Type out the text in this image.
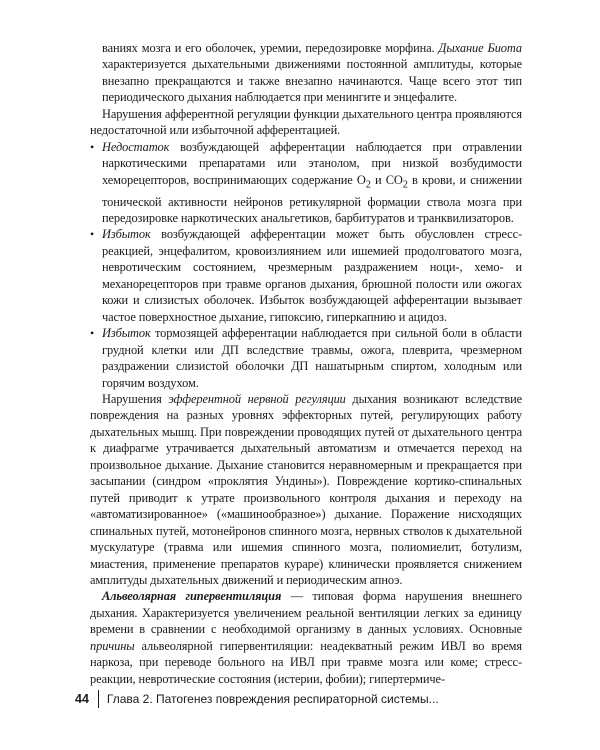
ваниях мозга и его оболочек, уремии, передозировке морфина. Дыхание Биота характеризуется дыхательными движениями постоянной амплитуды, которые внезапно прекращаются и также внезапно начинаются. Чаще всего этот тип периодического дыхания наблюдается при менингите и энцефалите.

Нарушения афферентной регуляции функции дыхательного центра проявляются недостаточной или избыточной афферентацией.

• Недостаток возбуждающей афферентации наблюдается при отравлении наркотическими препаратами или этанолом, при низкой возбудимости хеморецепторов, воспринимающих содержание $O_2$ и $CO_2$ в крови, и снижении тонической активности нейронов ретикулярной формации ствола мозга при передозировке наркотических анальгетиков, барбитуратов и транквилизаторов.
• Избыток возбуждающей афферентации может быть обусловлен стресс-реакцией, энцефалитом, кровоизлиянием или ишемией продолговатого мозга, невротическим состоянием, чрезмерным раздражением ноци-, хемо- и механорецепторов при травме органов дыхания, брюшной полости или ожогах кожи и слизистых оболочек. Избыток возбуждающей афферентации вызывает частое поверхностное дыхание, гипоксию, гиперкапнию и ацидоз.
• Избыток тормозящей афферентации наблюдается при сильной боли в области грудной клетки или ДП вследствие травмы, ожога, плеврита, чрезмерном раздражении слизистой оболочки ДП нашатырным спиртом, холодным или горячим воздухом.

Нарушения эфферентной нервной регуляции дыхания возникают вследствие повреждения на разных уровнях эффекторных путей, регулирующих работу дыхательных мышц. При повреждении проводящих путей от дыхательного центра к диафрагме утрачивается дыхательный автоматизм и отмечается переход на произвольное дыхание. Дыхание становится неравномерным и прекращается при засыпании (синдром «проклятия Ундины»). Повреждение кортико-спинальных путей приводит к утрате произвольного контроля дыхания и переходу на «автоматизированное» («машинообразное») дыхание. Поражение нисходящих спинальных путей, мотонейронов спинного мозга, нервных стволов к дыхательной мускулатуре (травма или ишемия спинного мозга, полиомиелит, ботулизм, миастения, применение препаратов кураре) клинически проявляется снижением амплитуды дыхательных движений и периодическим апноэ.

Альвеолярная гипервентиляция — типовая форма нарушения внешнего дыхания. Характеризуется увеличением реальной вентиляции легких за единицу времени в сравнении с необходимой организму в данных условиях. Основные причины альвеолярной гипервентиляции: неадекватный режим ИВЛ во время наркоза, при переводе больного на ИВЛ при травме мозга или коме; стресс-реакции, невротические состояния (истерии, фобии); гипертермиче-

44 Глава 2. Патогенез повреждения респираторной системы...
